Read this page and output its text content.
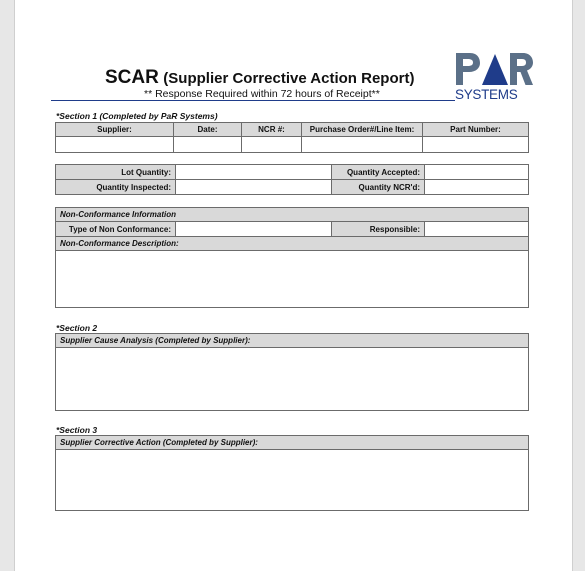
SCAR (Supplier Corrective Action Report)
** Response Required within 72 hours of Receipt**	SYSTEMS
*Section 1 (Completed by PaR Systems)
Supplier:	Date:	NCR #:	Purchase Order#/Line Item:	Part Number:

Lot Quantity:		Quantity Accepted:	
Quantity Inspected:		Quantity NCR'd:	
Non-Conformance Information
Type of Non Conformance:		Responsible:	
Non-Conformance Description:

*Section 2
Supplier Cause Analysis (Completed by Supplier):

*Section 3
Supplier Corrective Action (Completed by Supplier):
